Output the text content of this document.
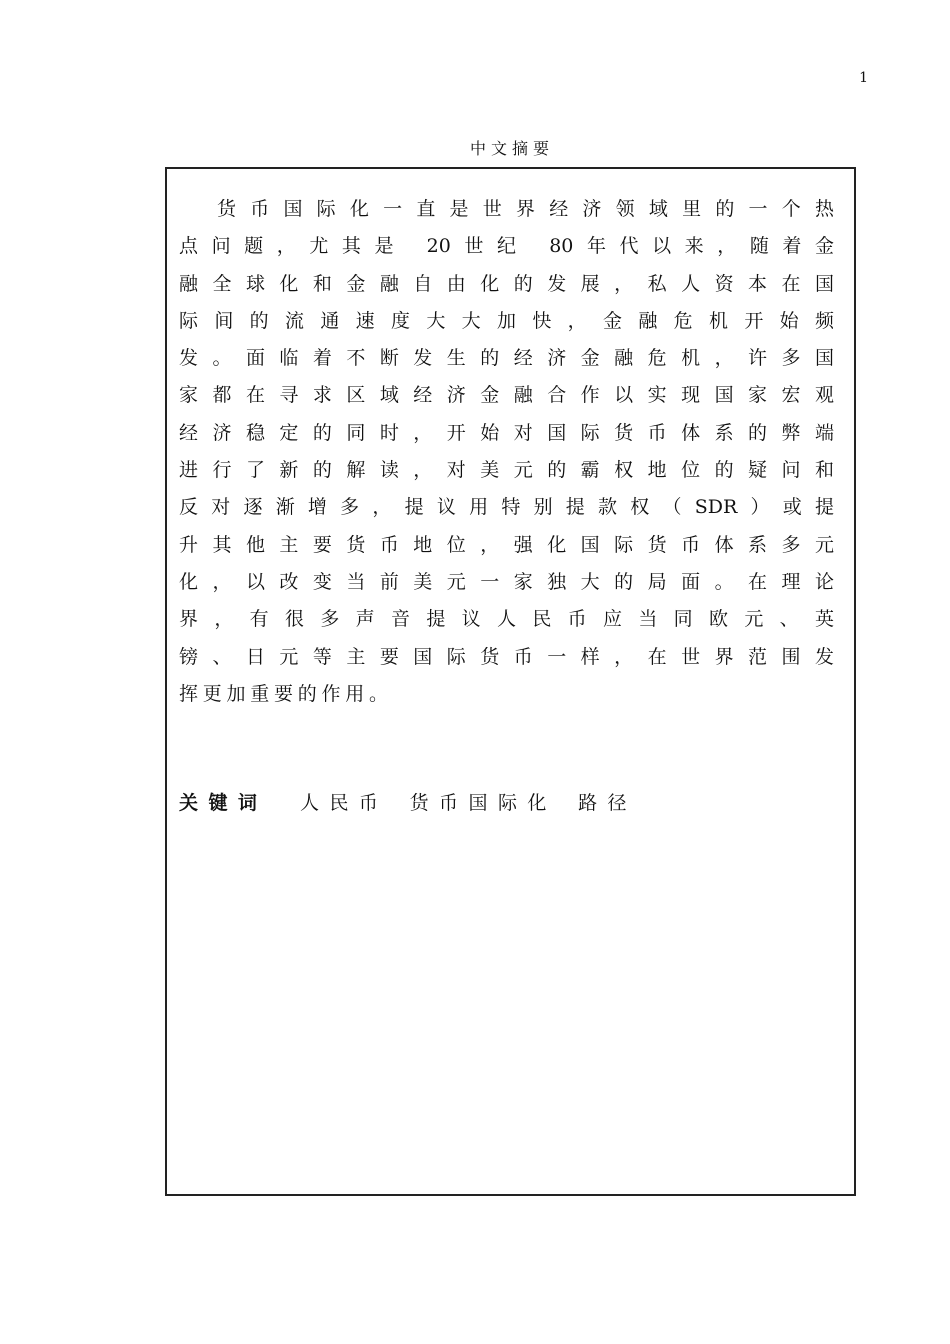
1
中文摘要
货币国际化一直是世界经济领域里的一个热
点问题，尤其是 20世纪 80年代以来，随着金
融全球化和金融自由化的发展，私人资本在国
际间的流通速度大大加快，金融危机开始频
发。面临着不断发生的经济金融危机，许多国
家都在寻求区域经济金融合作以实现国家宏观
经济稳定的同时，开始对国际货币体系的弊端
进行了新的解读，对美元的霸权地位的疑问和
反对逐渐增多，提议用特别提款权（SDR）或提
升其他主要货币地位，强化国际货币体系多元
化，以改变当前美元一家独大的局面。在理论
界，有很多声音提议人民币应当同欧元、英
镑、日元等主要国际货币一样，在世界范围发
挥更加重要的作用。
关键词 人民币 货币国际化 路径
